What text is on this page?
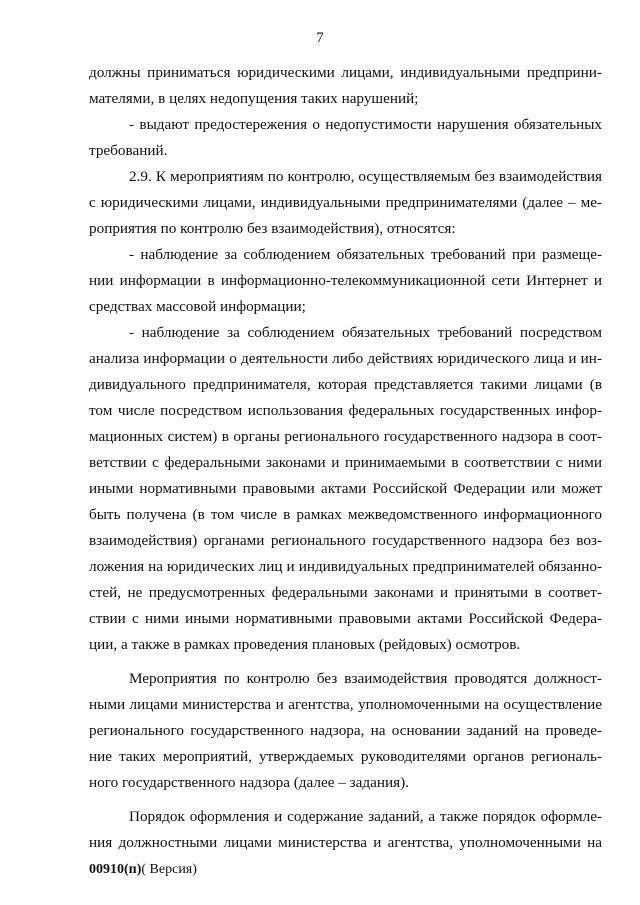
7
должны приниматься юридическими лицами, индивидуальными предприни-
мателями, в целях недопущения таких нарушений;
- выдают предостережения о недопустимости нарушения обязательных
требований.
2.9. К мероприятиям по контролю, осуществляемым без взаимодействия
с юридическими лицами, индивидуальными предпринимателями (далее – ме-
роприятия по контролю без взаимодействия), относятся:
- наблюдение за соблюдением обязательных требований при размеще-
нии информации в информационно-телекоммуникационной сети Интернет и
средствах массовой информации;
- наблюдение за соблюдением обязательных требований посредством
анализа информации о деятельности либо действиях юридического лица и ин-
дивидуального предпринимателя, которая представляется такими лицами (в
том числе посредством использования федеральных государственных инфор-
мационных систем) в органы регионального государственного надзора в соот-
ветствии с федеральными законами и принимаемыми в соответствии с ними
иными нормативными правовыми актами Российской Федерации или может
быть получена (в том числе в рамках межведомственного информационного
взаимодействия) органами регионального государственного надзора без воз-
ложения на юридических лиц и индивидуальных предпринимателей обязанно-
стей, не предусмотренных федеральными законами и принятыми в соответ-
ствии с ними иными нормативными правовыми актами Российской Федера-
ции, а также в рамках проведения плановых (рейдовых) осмотров.
Мероприятия по контролю без взаимодействия проводятся должност-
ными лицами министерства и агентства, уполномоченными на осуществление
регионального государственного надзора, на основании заданий на проведе-
ние таких мероприятий, утверждаемых руководителями органов региональ-
ного государственного надзора (далее – задания).
Порядок оформления и содержание заданий, а также порядок оформле-
ния должностными лицами министерства и агентства, уполномоченными на
00910(п)( Версия)
